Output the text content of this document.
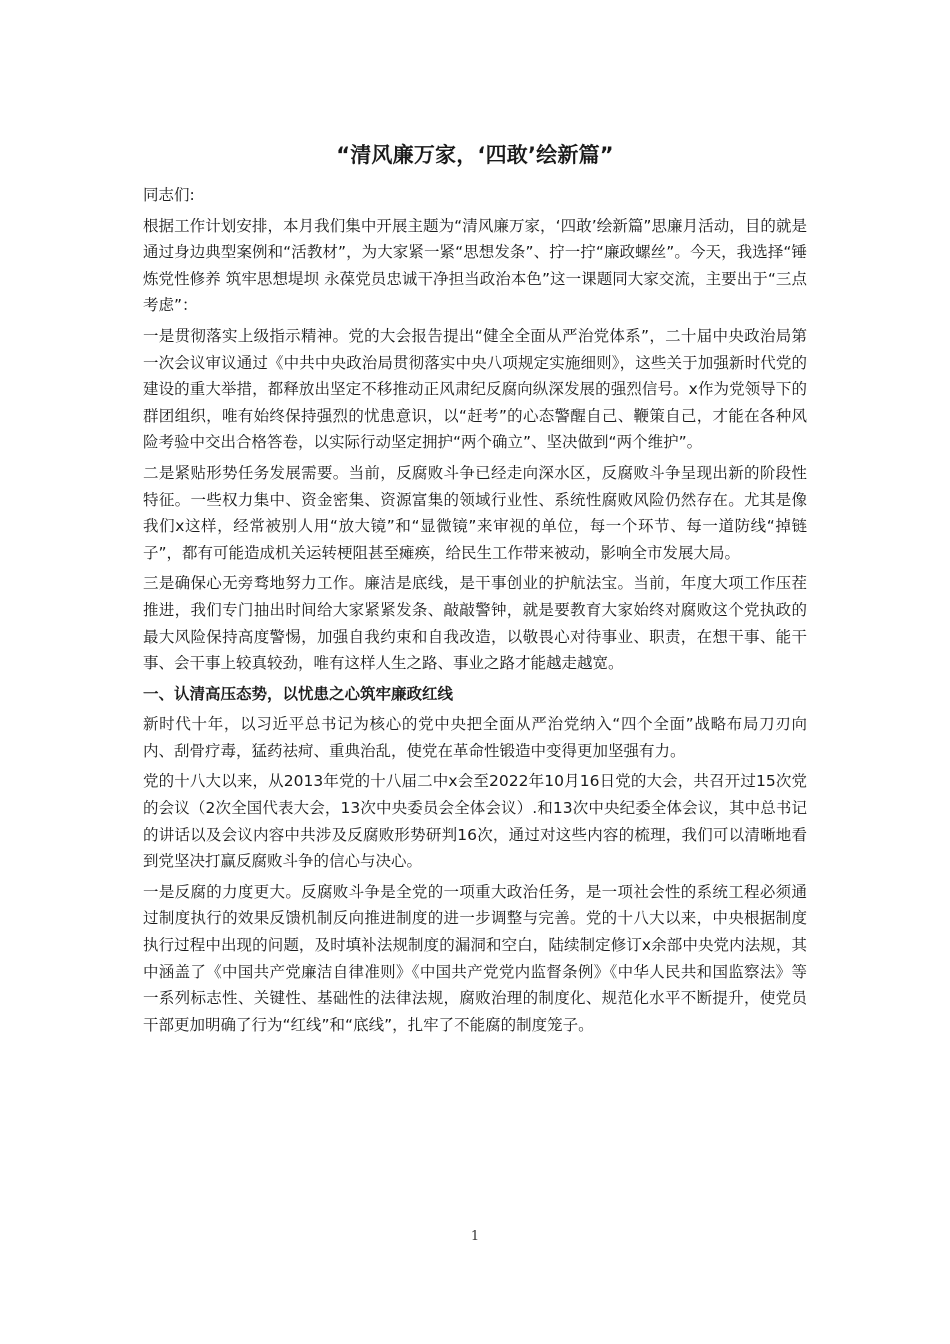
“清风廉万家，‘四敢’绘新篇”

同志们:

根据工作计划安排，本月我们集中开展主题为“清风廉万家，‘四敢’绘新篇”思廉月活动，目的就是通过身边典型案例和“活教材”，为大家紧一紧“思想发条”、拧一拧“廉政螺丝”。今天，我选择“锤炼党性修养 筑牢思想堤坝 永葆党员忠诚干净担当政治本色”这一课题同大家交流，主要出于“三点考虑”：

一是贯彻落实上级指示精神。党的大会报告提出“健全全面从严治党体系”，二十届中央政治局第一次会议审议通过《中共中央政治局贯彻落实中央八项规定实施细则》，这些关于加强新时代党的建设的重大举措，都释放出坚定不移推动正风肃纪反腐向纵深发展的强烈信号。x作为党领导下的群团组织，唯有始终保持强烈的忧患意识，以“赶考”的心态警醒自己、鞭策自己，才能在各种风险考验中交出合格答卷，以实际行动坚定拥护“两个确立”、坚决做到“两个维护”。

二是紧贴形势任务发展需要。当前，反腐败斗争已经走向深水区，反腐败斗争呈现出新的阶段性特征。一些权力集中、资金密集、资源富集的领域行业性、系统性腐败风险仍然存在。尤其是像我们x这样，经常被别人用“放大镜”和“显微镜”来审视的单位，每一个环节、每一道防线“掉链子”，都有可能造成机关运转梗阻甚至瘫痪，给民生工作带来被动，影响全市发展大局。

三是确保心无旁骛地努力工作。廉洁是底线，是干事创业的护航法宝。当前，年度大项工作压茬推进，我们专门抽出时间给大家紧紧发条、敲敲警钟，就是要教育大家始终对腐败这个党执政的最大风险保持高度警惕，加强自我约束和自我改造，以敬畏心对待事业、职责，在想干事、能干事、会干事上较真较劲，唯有这样人生之路、事业之路才能越走越宽。

一、认清高压态势，以忧患之心筑牢廉政红线

新时代十年，以习近平总书记为核心的党中央把全面从严治党纳入“四个全面”战略布局刀刃向内、刮骨疗毒，猛药祛疴、重典治乱，使党在革命性锻造中变得更加坚强有力。

党的十八大以来，从2013年党的十八届二中x会至2022年10月16日党的大会，共召开过15次党的会议（2次全国代表大会，13次中央委员会全体会议）.和13次中央纪委全体会议，其中总书记的讲话以及会议内容中共涉及反腐败形势研判16次，通过对这些内容的梳理，我们可以清晰地看到党坚决打赢反腐败斗争的信心与决心。

一是反腐的力度更大。反腐败斗争是全党的一项重大政治任务，是一项社会性的系统工程必须通过制度执行的效果反馈机制反向推进制度的进一步调整与完善。党的十八大以来，中央根据制度执行过程中出现的问题，及时填补法规制度的漏洞和空白，陆续制定修订x余部中央党内法规，其中涵盖了《中国共产党廉洁自律准则》《中国共产党党内监督条例》《中华人民共和国监察法》等一系列标志性、关键性、基础性的法律法规，腐败治理的制度化、规范化水平不断提升，使党员干部更加明确了行为“红线”和“底线”，扎牢了不能腐的制度笼子。

1
